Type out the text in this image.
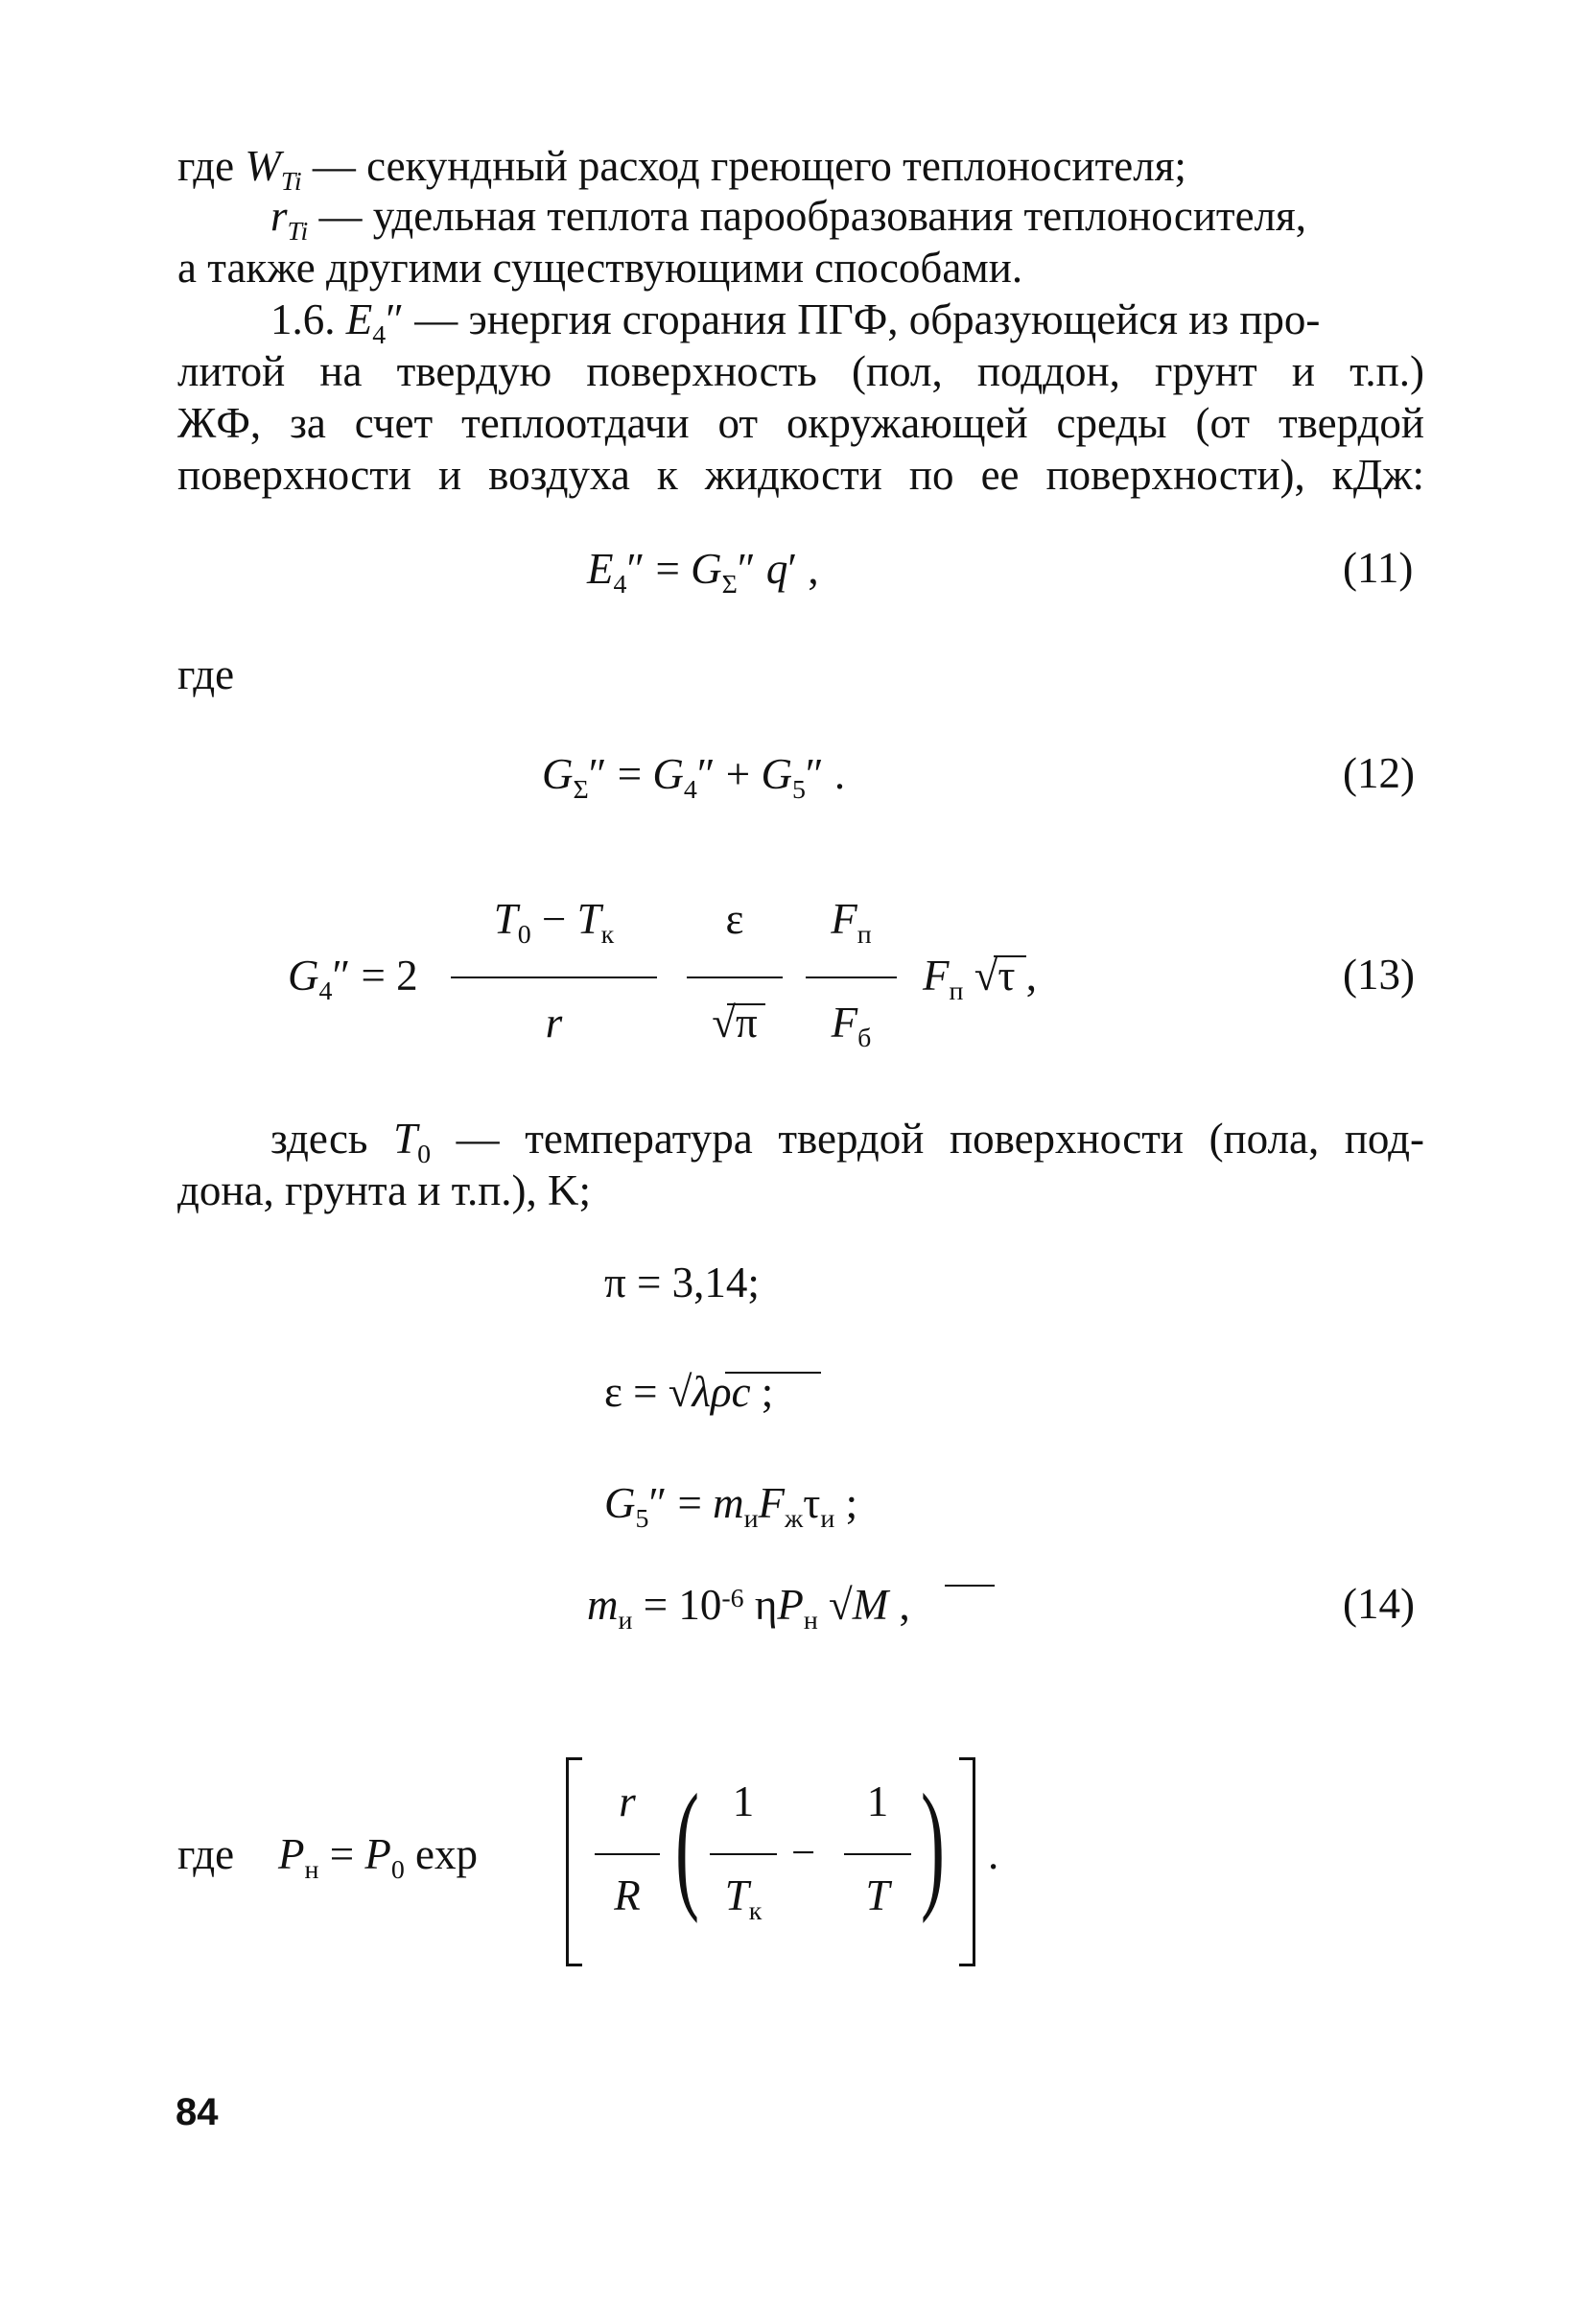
где $W_{Ti}$ — секундный расход греющего теплоносителя;
$r_{Ti}$ — удельная теплота парообразования теплоносителя,
а также другими существующими способами.
1.6. $E_4''$ — энергия сгорания ПГФ, образующейся из про-
литой на твердую поверхность (пол, поддон, грунт и т.п.)
ЖФ, за счет теплоотдачи от окружающей среды (от твердой
поверхности и воздуха к жидкости по ее поверхности), кДж:
$E_4'' = G_\Sigma''$ q′ ,	(11)
где
$G_\Sigma'' = G_4'' + G_5''$ .	(12)
$G_4'' = 2$
$T_0 - T_к$
r
ε
√π
$F_п$
$F_б$
$F_п$ √τ ,	(13)
здесь $T_0$ — температура твердой поверхности (пола, под-
дона, грунта и т.п.), K;
π = 3,14;
ε = √λρc ;
$G_5'' = m_иF_ж\tau_и$ ;
$m_и = 10^{-6}$ $\eta P_н$ √M ,	(14)
где $P_н = P_0$ exp
r
R ( )
1
$T_к$
−
1
T
.
84
